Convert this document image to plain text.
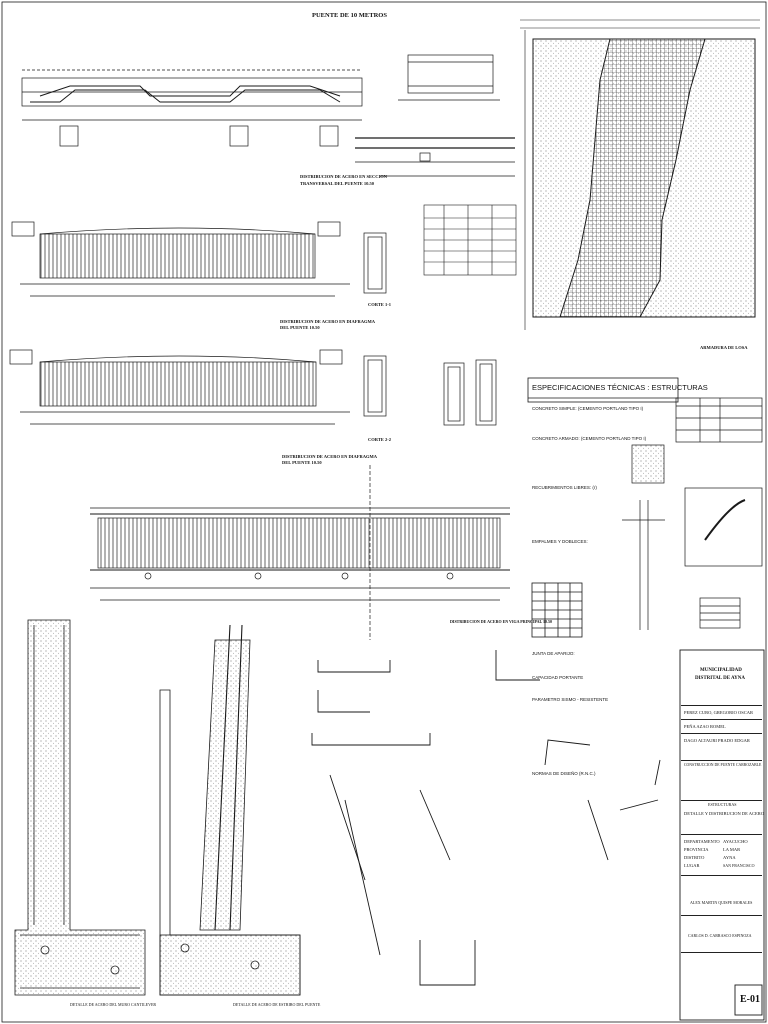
PUENTE DE 10 METROS
DISTRIBUCION DE ACERO EN SECCION
TRANSVERSAL DEL PUENTE 10.50
DISTRIBUCION DE ACERO EN DIAFRAGMA
DEL PUENTE 10.50
CORTE 1-1
DISTRIBUCION DE ACERO EN DIAFRAGMA
DEL PUENTE 10.50
CORTE 2-2
DISTRIBUCION DE ACERO EN VIGA PRINCIPAL 10.50
ARMADURA DE LOSA
DETALLE DE ACERO DEL MURO CANTILEVER	DETALLE DE ACERO DE ESTRIBO DEL PUENTE
ESPECIFICACIONES TÉCNICAS : ESTRUCTURAS
CONCRETO SIMPLE: (CEMENTO PORTLAND TIPO I)
CONCRETO ARMADO: (CEMENTO PORTLAND TIPO I)
RECUBRIMIENTOS LIBRES: (r)
EMPALMES Y DOBLECES:
JUNTA DE APARIJO:
CAPACIDAD PORTANTE
PARAMETRO SISMO - RESISTENTE
NORMAS DE DISEÑO (R.N.C.)
MUNICIPALIDAD
DISTRITAL DE AYNA
PEREZ CURO, GREGORIO OSCAR
PEÑA AZAO ROMEL
DAGO ALTAURI PRADO EDGAR
CONSTRUCCION DE PUENTE CARROZABLE
ESTRUCTURAS
DETALLE Y DISTRIBUCION DE ACERO
DEPARTAMENTO AYACUCHO
PROVINCIA	LA MAR
DISTRITO	AYNA
LUGAR	SAN FRANCISCO
ALEX MARTIN QUISPE MORALES
CARLOS D. CARRASCO ESPINOZA
E-01
